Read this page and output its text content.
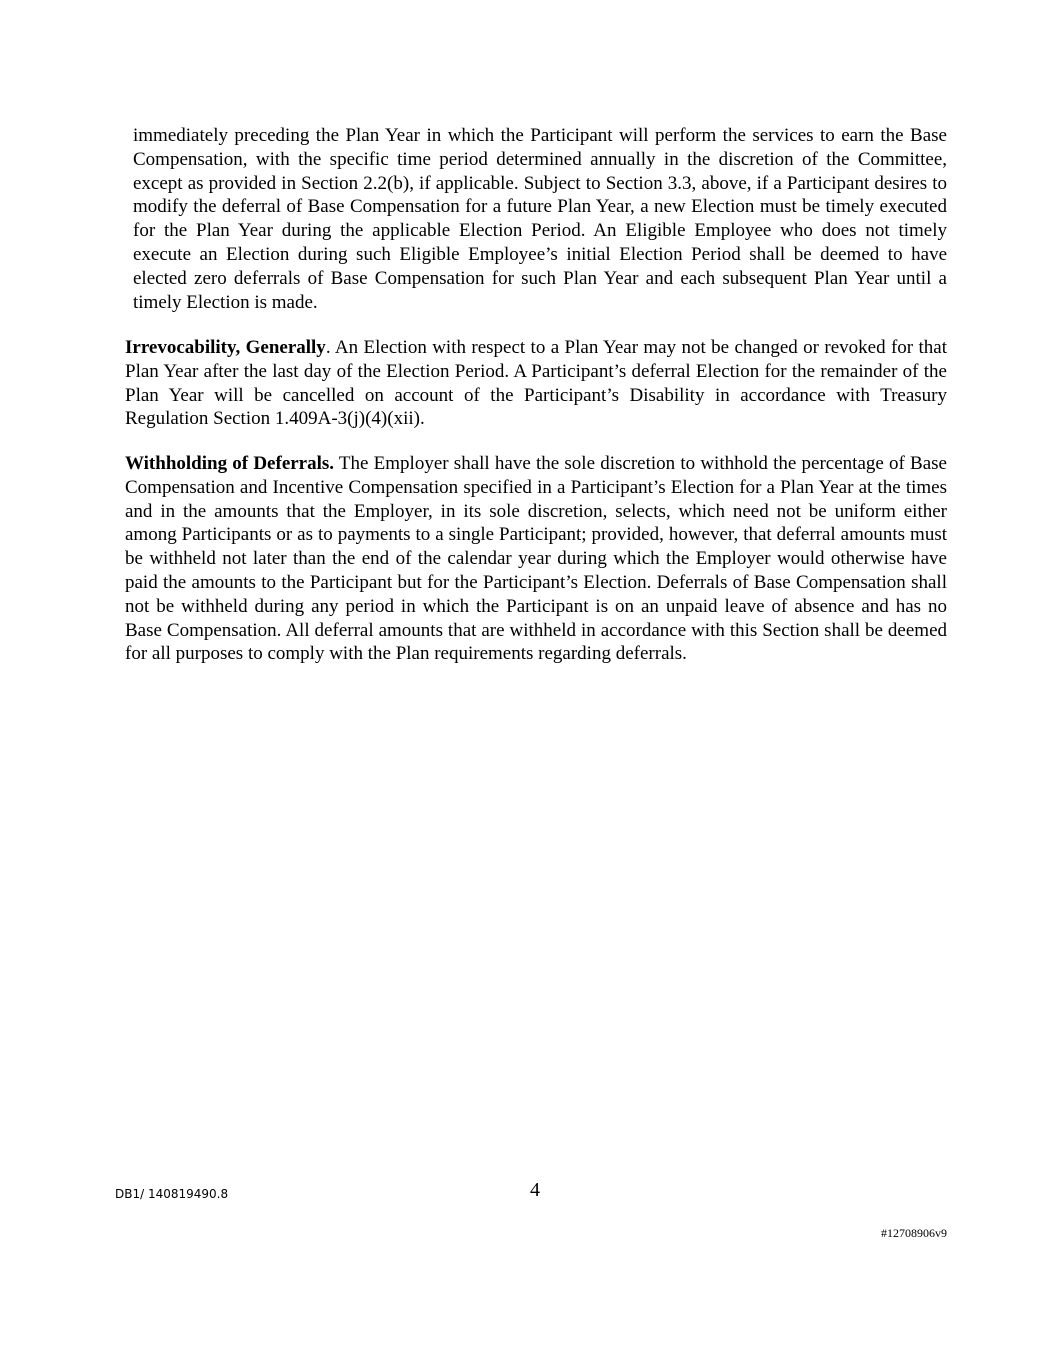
immediately preceding the Plan Year in which the Participant will perform the services to earn the Base Compensation, with the specific time period determined annually in the discretion of the Committee, except as provided in Section 2.2(b), if applicable. Subject to Section 3.3, above, if a Participant desires to modify the deferral of Base Compensation for a future Plan Year, a new Election must be timely executed for the Plan Year during the applicable Election Period. An Eligible Employee who does not timely execute an Election during such Eligible Employee’s initial Election Period shall be deemed to have elected zero deferrals of Base Compensation for such Plan Year and each subsequent Plan Year until a timely Election is made.

Irrevocability, Generally. An Election with respect to a Plan Year may not be changed or revoked for that Plan Year after the last day of the Election Period. A Participant’s deferral Election for the remainder of the Plan Year will be cancelled on account of the Participant’s Disability in accordance with Treasury Regulation Section 1.409A-3(j)(4)(xii).

Withholding of Deferrals. The Employer shall have the sole discretion to withhold the percentage of Base Compensation and Incentive Compensation specified in a Participant’s Election for a Plan Year at the times and in the amounts that the Employer, in its sole discretion, selects, which need not be uniform either among Participants or as to payments to a single Participant; provided, however, that deferral amounts must be withheld not later than the end of the calendar year during which the Employer would otherwise have paid the amounts to the Participant but for the Participant’s Election. Deferrals of Base Compensation shall not be withheld during any period in which the Participant is on an unpaid leave of absence and has no Base Compensation. All deferral amounts that are withheld in accordance with this Section shall be deemed for all purposes to comply with the Plan requirements regarding deferrals.

DB1/ 140819490.8	4
#12708906v9
